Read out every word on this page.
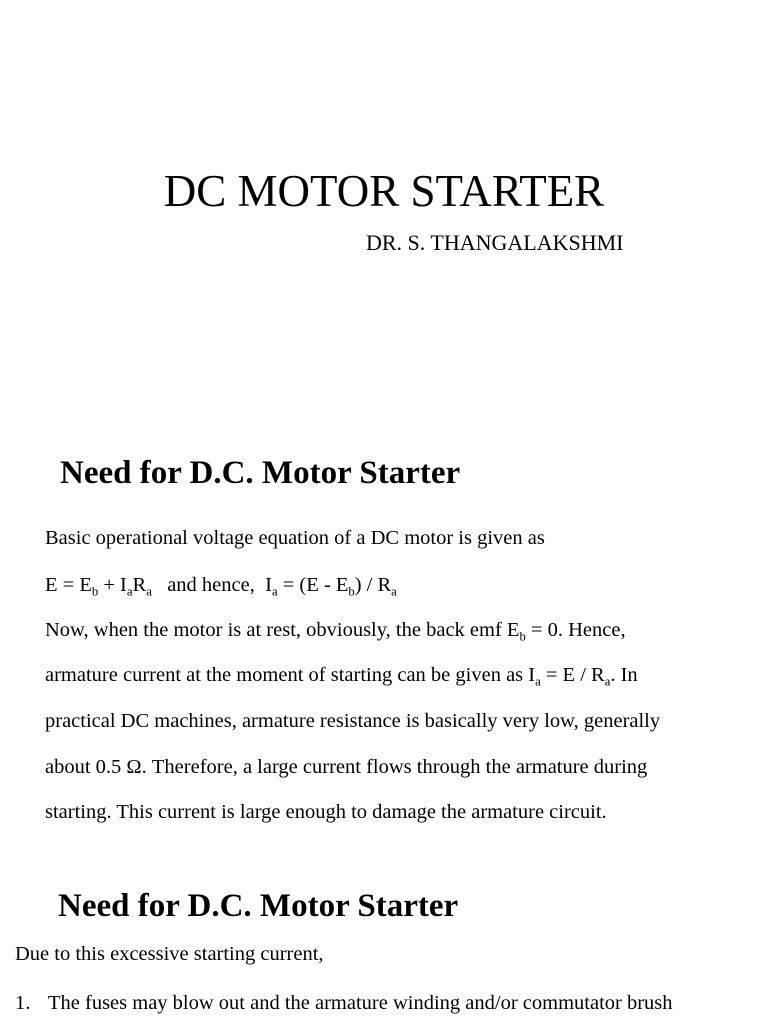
DC MOTOR STARTER
DR. S. THANGALAKSHMI
Need for D.C. Motor Starter
Basic operational voltage equation of a DC motor is given as
$E = E_b + I_aR_a$   and hence,  $I_a = (E - E_b) / R_a$
Now, when the motor is at rest, obviously, the back emf $E_b = 0$. Hence,
armature current at the moment of starting can be given as $I_a = E / R_a$. In
practical DC machines, armature resistance is basically very low, generally
about 0.5 Ω. Therefore, a large current flows through the armature during
starting. This current is large enough to damage the armature circuit.
Need for D.C. Motor Starter
Due to this excessive starting current,
1. The fuses may blow out and the armature winding and/or commutator brush
